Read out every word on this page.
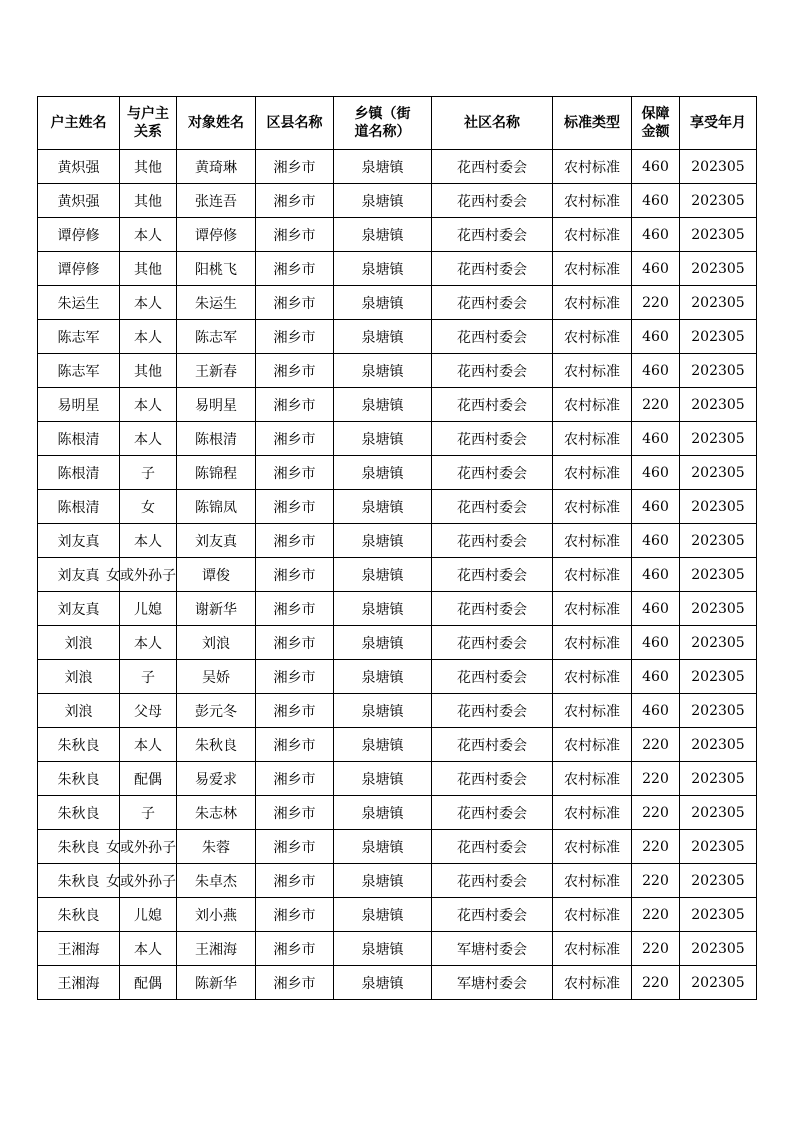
户主姓名	与户主关系	对象姓名	区县名称	乡镇（街道名称）	社区名称	标准类型	保障金额	享受年月
黄炽强	其他	黄琦琳	湘乡市	泉塘镇	花西村委会	农村标准	460	202305
黄炽强	其他	张连吾	湘乡市	泉塘镇	花西村委会	农村标准	460	202305
谭停修	本人	谭停修	湘乡市	泉塘镇	花西村委会	农村标准	460	202305
谭停修	其他	阳桃飞	湘乡市	泉塘镇	花西村委会	农村标准	460	202305
朱运生	本人	朱运生	湘乡市	泉塘镇	花西村委会	农村标准	220	202305
陈志军	本人	陈志军	湘乡市	泉塘镇	花西村委会	农村标准	460	202305
陈志军	其他	王新春	湘乡市	泉塘镇	花西村委会	农村标准	460	202305
易明星	本人	易明星	湘乡市	泉塘镇	花西村委会	农村标准	220	202305
陈根清	本人	陈根清	湘乡市	泉塘镇	花西村委会	农村标准	460	202305
陈根清	子	陈锦程	湘乡市	泉塘镇	花西村委会	农村标准	460	202305
陈根清	女	陈锦凤	湘乡市	泉塘镇	花西村委会	农村标准	460	202305
刘友真	本人	刘友真	湘乡市	泉塘镇	花西村委会	农村标准	460	202305
刘友真	女或外孙子	谭俊	湘乡市	泉塘镇	花西村委会	农村标准	460	202305
刘友真	儿媳	谢新华	湘乡市	泉塘镇	花西村委会	农村标准	460	202305
刘浪	本人	刘浪	湘乡市	泉塘镇	花西村委会	农村标准	460	202305
刘浪	子	吴娇	湘乡市	泉塘镇	花西村委会	农村标准	460	202305
刘浪	父母	彭元冬	湘乡市	泉塘镇	花西村委会	农村标准	460	202305
朱秋良	本人	朱秋良	湘乡市	泉塘镇	花西村委会	农村标准	220	202305
朱秋良	配偶	易爱求	湘乡市	泉塘镇	花西村委会	农村标准	220	202305
朱秋良	子	朱志林	湘乡市	泉塘镇	花西村委会	农村标准	220	202305
朱秋良	女或外孙子	朱蓉	湘乡市	泉塘镇	花西村委会	农村标准	220	202305
朱秋良	女或外孙子	朱卓杰	湘乡市	泉塘镇	花西村委会	农村标准	220	202305
朱秋良	儿媳	刘小燕	湘乡市	泉塘镇	花西村委会	农村标准	220	202305
王湘海	本人	王湘海	湘乡市	泉塘镇	军塘村委会	农村标准	220	202305
王湘海	配偶	陈新华	湘乡市	泉塘镇	军塘村委会	农村标准	220	202305
